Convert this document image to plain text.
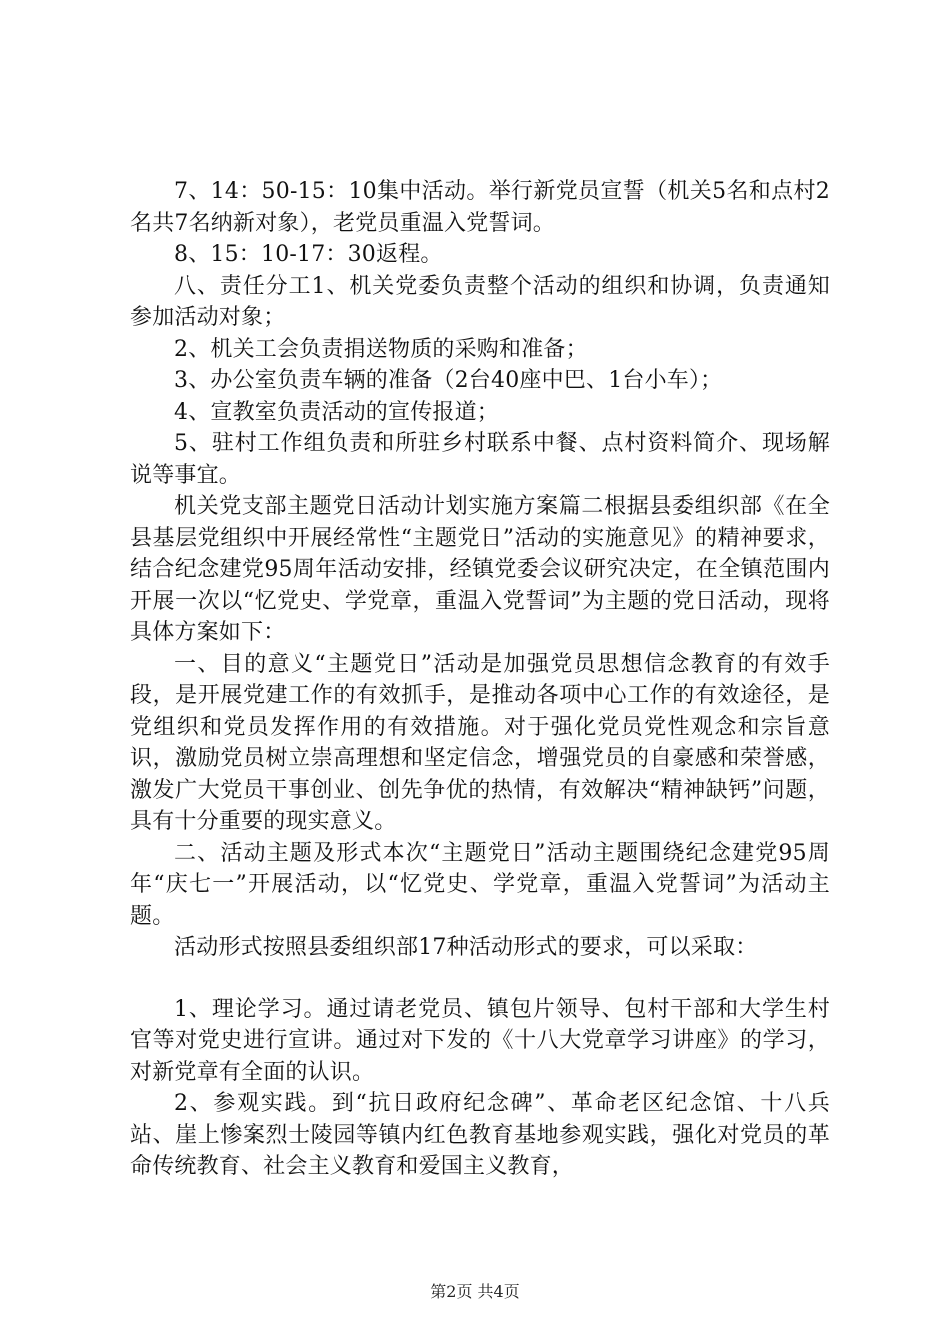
7、14：50-15：10集中活动。举行新党员宣誓（机关5名和点村2名共7名纳新对象），老党员重温入党誓词。

8、15：10-17：30返程。

八、责任分工1、机关党委负责整个活动的组织和协调，负责通知参加活动对象；

2、机关工会负责捐送物质的采购和准备；

3、办公室负责车辆的准备（2台40座中巴、1台小车）；

4、宣教室负责活动的宣传报道；

5、驻村工作组负责和所驻乡村联系中餐、点村资料简介、现场解说等事宜。

机关党支部主题党日活动计划实施方案篇二根据县委组织部《在全县基层党组织中开展经常性“主题党日”活动的实施意见》的精神要求，结合纪念建党95周年活动安排，经镇党委会议研究决定，在全镇范围内开展一次以“忆党史、学党章，重温入党誓词”为主题的党日活动，现将具体方案如下：

一、目的意义“主题党日”活动是加强党员思想信念教育的有效手段，是开展党建工作的有效抓手，是推动各项中心工作的有效途径，是党组织和党员发挥作用的有效措施。对于强化党员党性观念和宗旨意识，激励党员树立崇高理想和坚定信念，增强党员的自豪感和荣誉感，激发广大党员干事创业、创先争优的热情，有效解决“精神缺钙”问题，具有十分重要的现实意义。

二、活动主题及形式本次“主题党日”活动主题围绕纪念建党95周年“庆七一”开展活动，以“忆党史、学党章，重温入党誓词”为活动主题。

活动形式按照县委组织部17种活动形式的要求，可以采取：

1、理论学习。通过请老党员、镇包片领导、包村干部和大学生村官等对党史进行宣讲。通过对下发的《十八大党章学习讲座》的学习，对新党章有全面的认识。

2、参观实践。到“抗日政府纪念碑”、革命老区纪念馆、十八兵站、崖上惨案烈士陵园等镇内红色教育基地参观实践，强化对党员的革命传统教育、社会主义教育和爱国主义教育，

第2页 共4页
